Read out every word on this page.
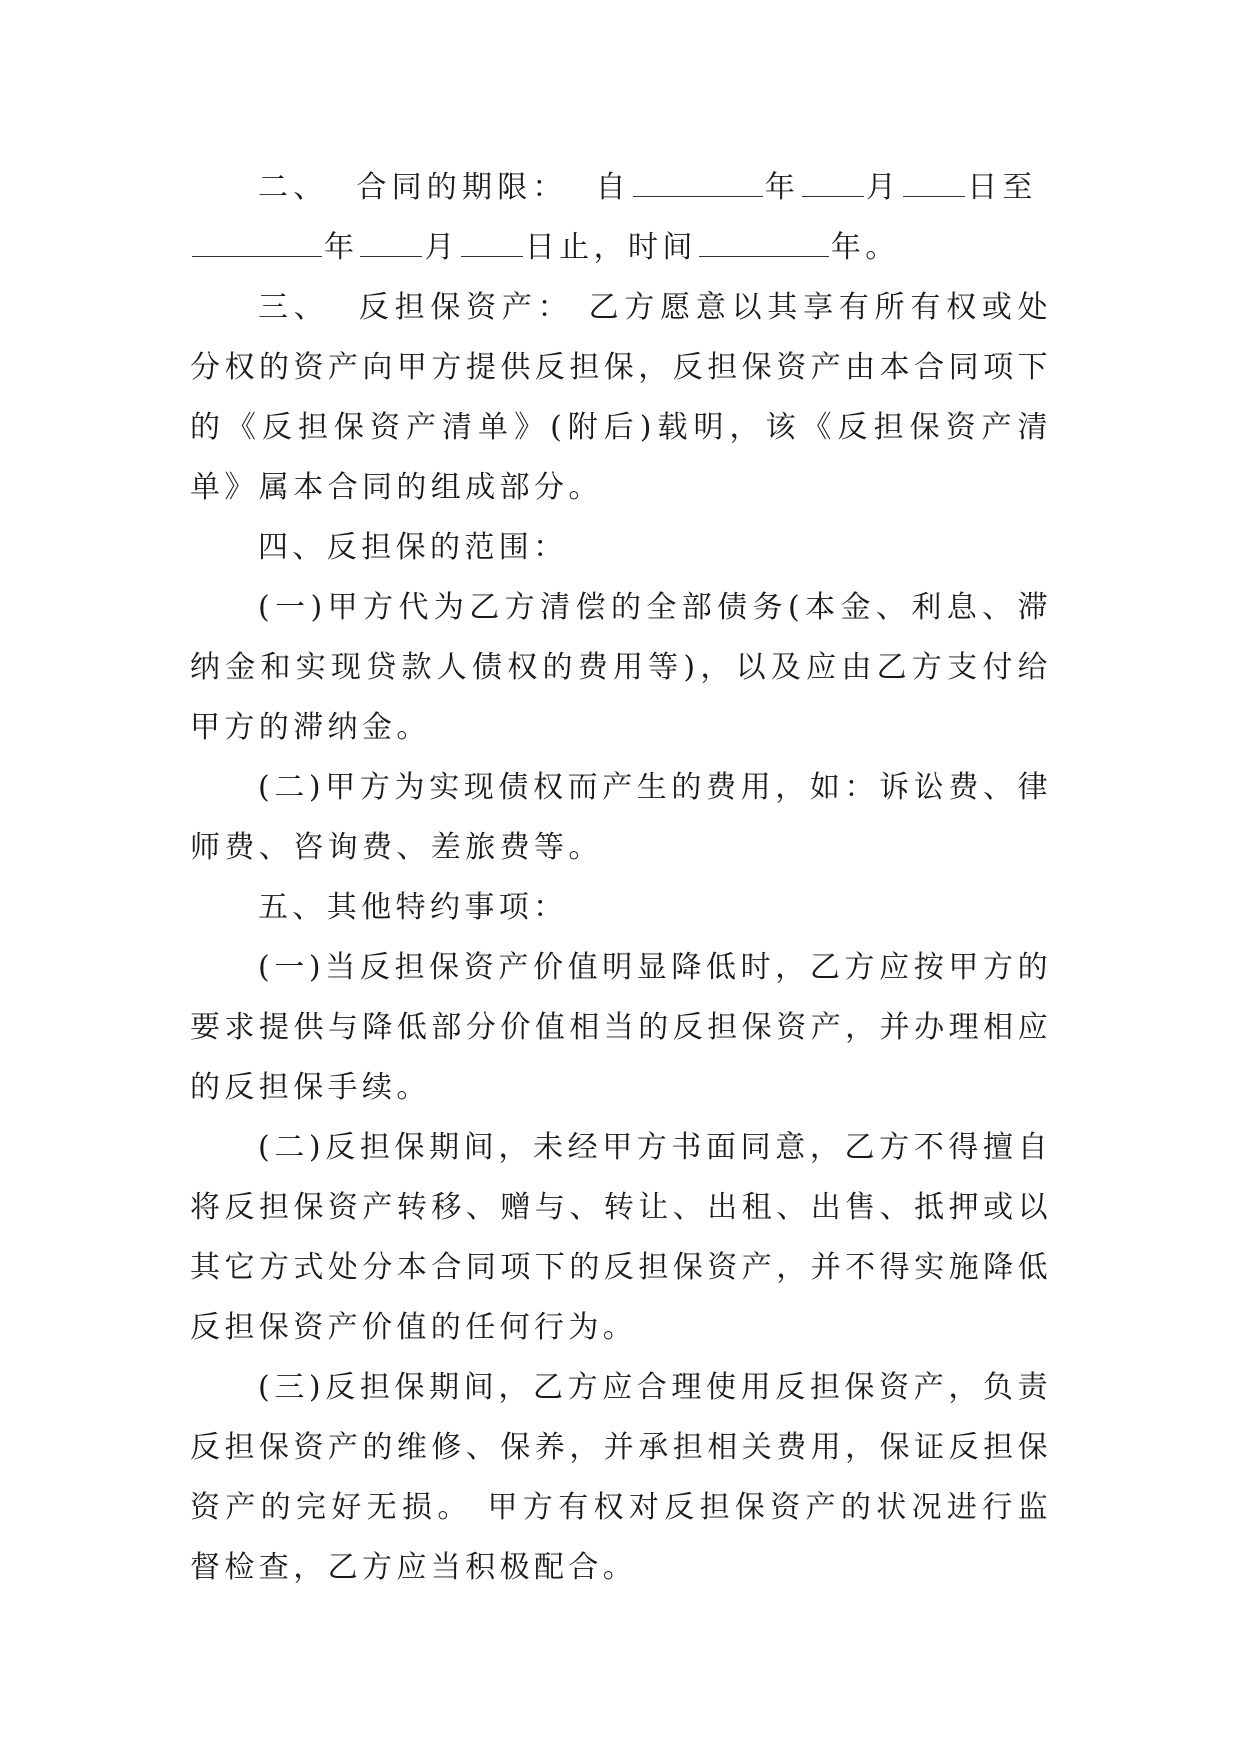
二、 合同的期限： 自	年 月 日至

年 月 日止，时间	年。

三、 反担保资产： 乙方愿意以其享有所有权或处分权的资产向甲方提供反担保，反担保资产由本合同项下的《反担保资产清单》(附后)载明，该《反担保资产清单》属本合同的组成部分。

四、反担保的范围：

(一)甲方代为乙方清偿的全部债务(本金、利息、滞纳金和实现贷款人债权的费用等)，以及应由乙方支付给甲方的滞纳金。

(二)甲方为实现债权而产生的费用，如：诉讼费、律师费、咨询费、差旅费等。

五、其他特约事项：

(一)当反担保资产价值明显降低时，乙方应按甲方的要求提供与降低部分价值相当的反担保资产，并办理相应的反担保手续。

(二)反担保期间，未经甲方书面同意，乙方不得擅自将反担保资产转移、赠与、转让、出租、出售、抵押或以其它方式处分本合同项下的反担保资产，并不得实施降低反担保资产价值的任何行为。

(三)反担保期间，乙方应合理使用反担保资产，负责反担保资产的维修、保养，并承担相关费用，保证反担保资产的完好无损。 甲方有权对反担保资产的状况进行监督检查，乙方应当积极配合。
